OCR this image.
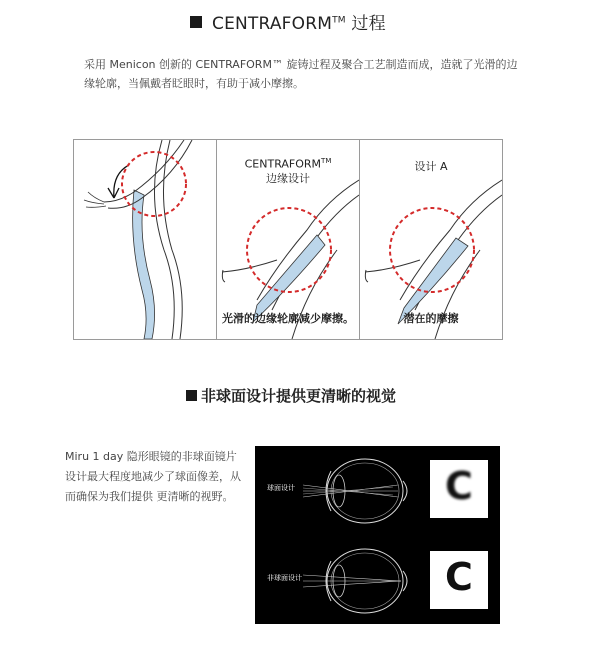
CENTRAFORM™ 过程
采用 Menicon 创新的 CENTRAFORM™ 旋铸过程及聚合工艺制造而成，造就了光滑的边缘轮廓，当佩戴者眨眼时，有助于减小摩擦。
CENTRAFORM™
边缘设计
光滑的边缘轮廓减少摩擦。
设计 A
潜在的摩擦
非球面设计提供更清晰的视觉
Miru 1 day 隐形眼镜的非球面镜片设计最大程度地减少了球面像差，从而确保为我们提供 更清晰的视野。
球面设计
非球面设计
C
C
